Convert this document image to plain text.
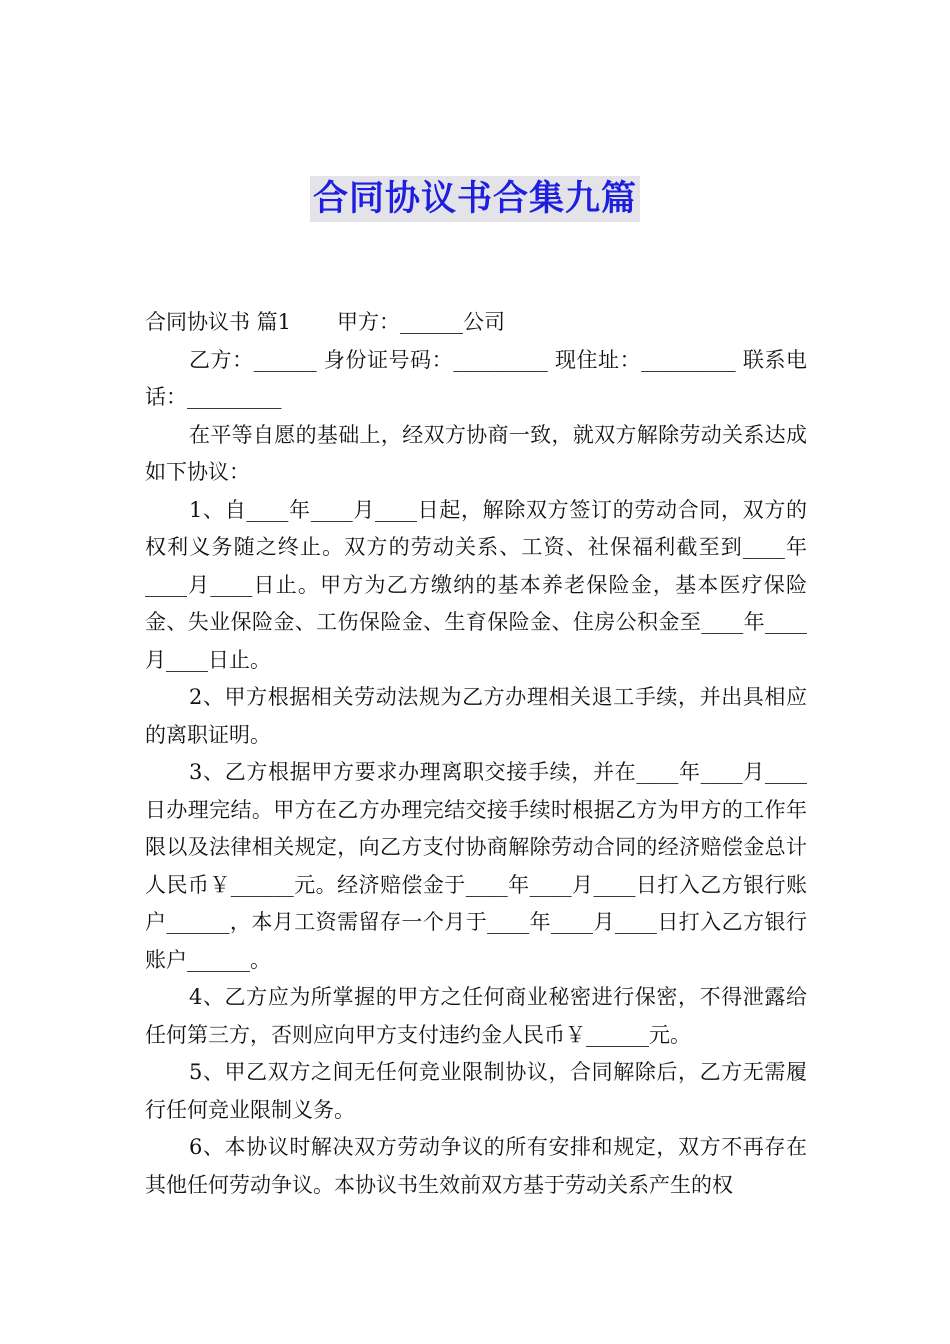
合同协议书合集九篇

合同协议书 篇1 甲方：______公司

乙方：______ 身份证号码：_________ 现住址：_________ 联系电话：_________

在平等自愿的基础上，经双方协商一致，就双方解除劳动关系达成如下协议：

1、自____年____月____日起，解除双方签订的劳动合同，双方的权利义务随之终止。双方的劳动关系、工资、社保福利截至到____年____月____日止。甲方为乙方缴纳的基本养老保险金，基本医疗保险金、失业保险金、工伤保险金、生育保险金、住房公积金至____年____月____日止。

2、甲方根据相关劳动法规为乙方办理相关退工手续，并出具相应的离职证明。

3、乙方根据甲方要求办理离职交接手续，并在____年____月____日办理完结。甲方在乙方办理完结交接手续时根据乙方为甲方的工作年限以及法律相关规定，向乙方支付协商解除劳动合同的经济赔偿金总计人民币￥______元。经济赔偿金于____年____月____日打入乙方银行账户______，本月工资需留存一个月于____年____月____日打入乙方银行账户______。

4、乙方应为所掌握的甲方之任何商业秘密进行保密，不得泄露给任何第三方，否则应向甲方支付违约金人民币￥______元。

5、甲乙双方之间无任何竞业限制协议，合同解除后，乙方无需履行任何竞业限制义务。

6、本协议时解决双方劳动争议的所有安排和规定，双方不再存在其他任何劳动争议。本协议书生效前双方基于劳动关系产生的权
